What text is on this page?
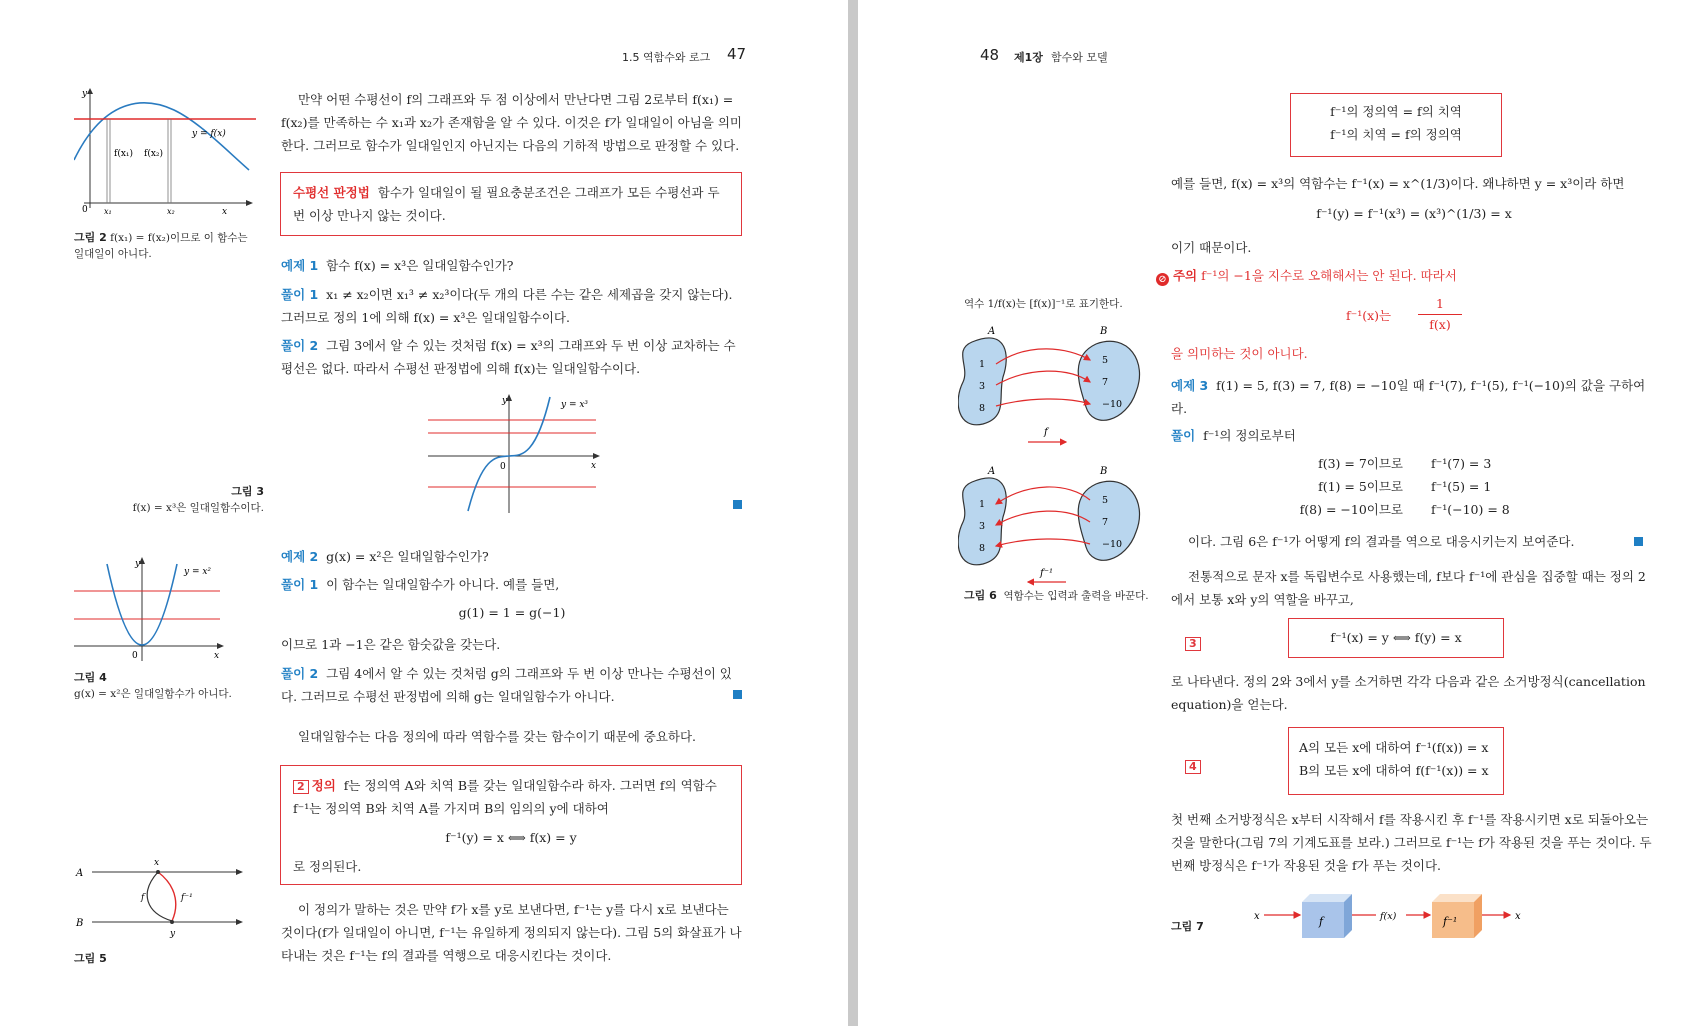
1.5 역함수와 로그 47
f(x₁) f(x₂)
y = f(x)
0 x₁	x₂	x
y
그림 2 f(x₁) = f(x₂)이므로 이 함수는 일대일이 아니다.
만약 어떤 수평선이 f의 그래프와 두 점 이상에서 만난다면 그림 2로부터 f(x₁) = f(x₂)를 만족하는 수 x₁과 x₂가 존재함을 알 수 있다. 이것은 f가 일대일이 아님을 의미한다. 그러므로 함수가 일대일인지 아닌지는 다음의 기하적 방법으로 판정할 수 있다.
수평선 판정법 함수가 일대일이 될 필요충분조건은 그래프가 모든 수평선과 두 번 이상 만나지 않는 것이다.
예제 1 함수 f(x) = x³은 일대일함수인가?
풀이 1 x₁ ≠ x₂이면 x₁³ ≠ x₂³이다(두 개의 다른 수는 같은 세제곱을 갖지 않는다). 그러므로 정의 1에 의해 f(x) = x³은 일대일함수이다.
풀이 2 그림 3에서 알 수 있는 것처럼 f(x) = x³의 그래프와 두 번 이상 교차하는 수평선은 없다. 따라서 수평선 판정법에 의해 f(x)는 일대일함수이다.
y = x³
0	x
y
그림 3
f(x) = x³은 일대일함수이다.
예제 2 g(x) = x²은 일대일함수인가?
풀이 1 이 함수는 일대일함수가 아니다. 예를 들면,
g(1) = 1 = g(−1)
이므로 1과 −1은 같은 함숫값을 갖는다.
풀이 2 그림 4에서 알 수 있는 것처럼 g의 그래프와 두 번 이상 만나는 수평선이 있다. 그러므로 수평선 판정법에 의해 g는 일대일함수가 아니다.
y = x²
0	x
y
그림 4
g(x) = x²은 일대일함수가 아니다.
일대일함수는 다음 정의에 따라 역함수를 갖는 함수이기 때문에 중요하다.
2 정의 f는 정의역 A와 치역 B를 갖는 일대일함수라 하자. 그러면 f의 역함수 f⁻¹는 정의역 B와 치역 A를 가지며 B의 임의의 y에 대하여
f⁻¹(y) = x ⟺ f(x) = y
로 정의된다.
이 정의가 말하는 것은 만약 f가 x를 y로 보낸다면, f⁻¹는 y를 다시 x로 보낸다는 것이다(f가 일대일이 아니면, f⁻¹는 유일하게 정의되지 않는다). 그림 5의 화살표가 나타내는 것은 f⁻¹는 f의 결과를 역행으로 대응시킨다는 것이다.
A
B
x
y
f	f⁻¹
그림 5
48 제1장 함수와 모델
f⁻¹의 정의역 = f의 치역
f⁻¹의 치역 = f의 정의역
예를 들면, f(x) = x³의 역함수는 f⁻¹(x) = x^(1/3)이다. 왜냐하면 y = x³이라 하면
f⁻¹(y) = f⁻¹(x³) = (x³)^(1/3) = x
이기 때문이다.
⊘ 주의 f⁻¹의 −1을 지수로 오해해서는 안 된다. 따라서
f⁻¹(x)는
1
f(x)
을 의미하는 것이 아니다.
역수 1/f(x)는 [f(x)]⁻¹로 표기한다.
예제 3 f(1) = 5, f(3) = 7, f(8) = −10일 때 f⁻¹(7), f⁻¹(5), f⁻¹(−10)의 값을 구하여라.
풀이 f⁻¹의 정의로부터
f(3) = 7이므로 f⁻¹(7) = 3
f(1) = 5이므로 f⁻¹(5) = 1
f(8) = −10이므로 f⁻¹(−10) = 8
이다. 그림 6은 f⁻¹가 어떻게 f의 결과를 역으로 대응시키는지 보여준다.
A	B
1
3
8
5
7
−10
f
A	B
1
3
8
5
7
−10
f⁻¹
그림 6 역함수는 입력과 출력을 바꾼다.
전통적으로 문자 x를 독립변수로 사용했는데, f보다 f⁻¹에 관심을 집중할 때는 정의 2에서 보통 x와 y의 역할을 바꾸고,
3	f⁻¹(x) = y ⟺ f(y) = x
로 나타낸다. 정의 2와 3에서 y를 소거하면 각각 다음과 같은 소거방정식(cancellation equation)을 얻는다.
4
A의 모든 x에 대하여 f⁻¹(f(x)) = x
B의 모든 x에 대하여 f(f⁻¹(x)) = x
첫 번째 소거방정식은 x부터 시작해서 f를 작용시킨 후 f⁻¹를 작용시키면 x로 되돌아오는 것을 말한다(그림 7의 기계도표를 보라.) 그러므로 f⁻¹는 f가 작용된 것을 푸는 것이다. 두 번째 방정식은 f⁻¹가 작용된 것을 f가 푸는 것이다.
그림 7
x	f	f(x)	f⁻¹	x
